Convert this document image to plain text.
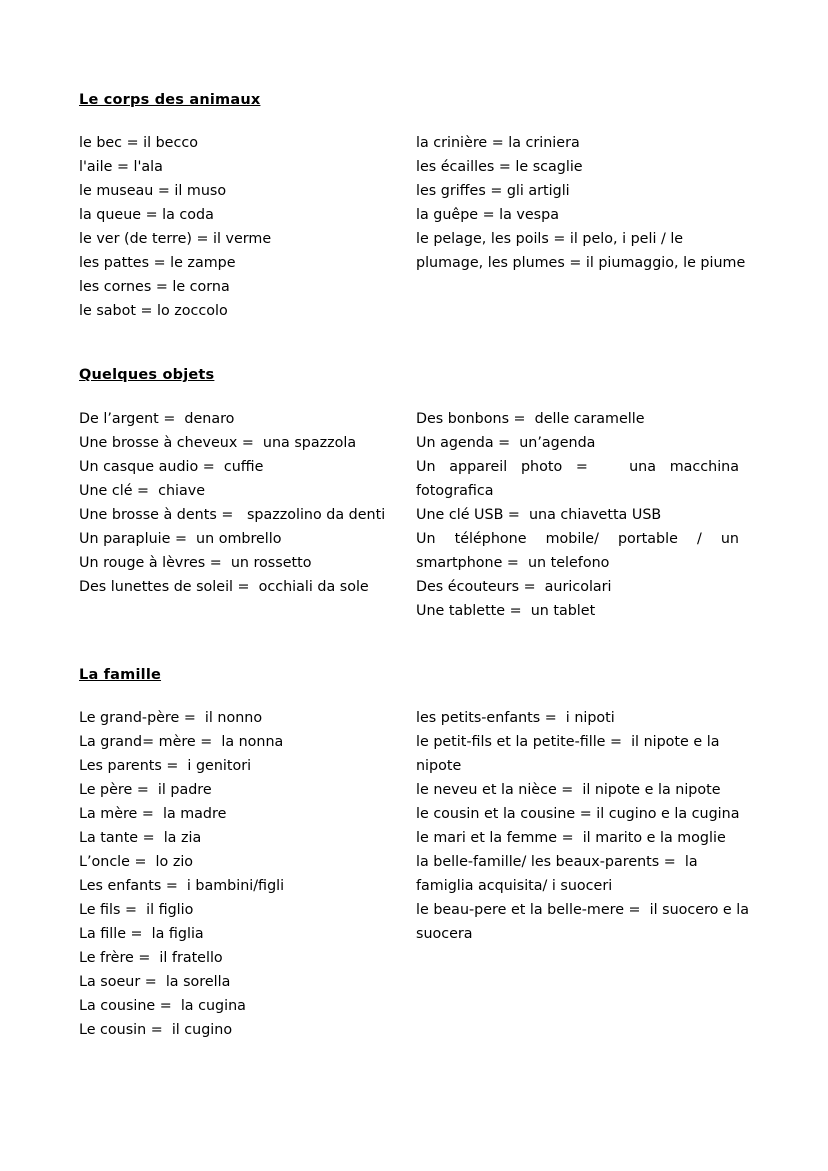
Le corps des animaux

le bec = il becco

l'aile = l'ala

le museau = il muso

la queue = la coda

le ver (de terre) = il verme

les pattes = le zampe

les cornes = le corna

le sabot = lo zoccolo

la crinière = la criniera

les écailles = le scaglie

les griffes = gli artigli

la guêpe = la vespa

le pelage, les poils = il pelo, i peli / le plumage, les plumes = il piumaggio, le piume

Quelques objets

De l’argent =  denaro

Une brosse à cheveux =  una spazzola

Un casque audio =  cuffie

Une clé =  chiave

Une brosse à dents =   spazzolino da denti

Un parapluie =  un ombrello

Un rouge à lèvres =  un rossetto

Des lunettes de soleil =  occhiali da sole

Des bonbons =  delle caramelle

Un agenda =  un’agenda

Un appareil photo =   una macchina fotografica

Une clé USB =  una chiavetta USB

Un téléphone mobile/ portable / un smartphone =  un telefono

Des écouteurs =  auricolari

Une tablette =  un tablet

La famille

Le grand-père =  il nonno

La grand= mère =  la nonna

Les parents =  i genitori

Le père =  il padre

La mère =  la madre

La tante =  la zia

L’oncle =  lo zio

Les enfants =  i bambini/figli

Le fils =  il figlio

La fille =  la figlia

Le frère =  il fratello

La soeur =  la sorella

La cousine =  la cugina

Le cousin =  il cugino

les petits-enfants =  i nipoti

le petit-fils et la petite-fille =  il nipote e la nipote

le neveu et la nièce =  il nipote e la nipote

le cousin et la cousine = il cugino e la cugina

le mari et la femme =  il marito e la moglie

la belle-famille/ les beaux-parents =  la famiglia acquisita/ i suoceri

le beau-pere et la belle-mere =  il suocero e la suocera
